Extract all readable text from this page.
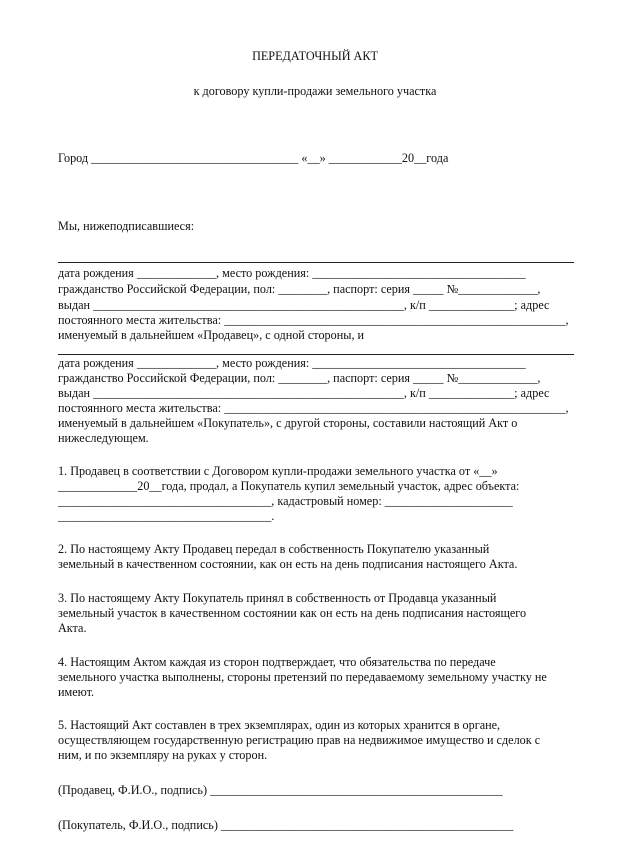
ПЕРЕДАТОЧНЫЙ АКТ
к договору купли-продажи земельного участка
Город __________________________________ «__» ____________20__года
Мы, нижеподписавшиеся:
дата рождения _____________, место рождения: ___________________________________
гражданство Российской Федерации, пол: ________, паспорт: серия _____ №_____________,
выдан ___________________________________________________, к/п ______________; адрес
постоянного места жительства: ________________________________________________________,
именуемый в дальнейшем «Продавец», с одной стороны, и
дата рождения _____________, место рождения: ___________________________________
гражданство Российской Федерации, пол: ________, паспорт: серия _____ №_____________,
выдан ___________________________________________________, к/п ______________; адрес
постоянного места жительства: ________________________________________________________,
именуемый в дальнейшем «Покупатель», с другой стороны, составили настоящий Акт о
нижеследующем.
1. Продавец в соответствии с Договором купли-продажи земельного участка от «__»
_____________20__года, продал, а Покупатель купил земельный участок, адрес объекта:
___________________________________, кадастровый номер: _____________________
___________________________________.
2. По настоящему Акту Продавец передал в собственность Покупателю указанный
земельный в качественном состоянии, как он есть на день подписания настоящего Акта.
3. По настоящему Акту Покупатель принял в собственность от Продавца указанный
земельный участок в качественном состоянии как он есть на день подписания настоящего
Акта.
4. Настоящим Актом каждая из сторон подтверждает, что обязательства по передаче
земельного участка выполнены, стороны претензий по передаваемому земельному участку не
имеют.
5. Настоящий Акт составлен в трех экземплярах, один из которых хранится в органе,
осуществляющем государственную регистрацию прав на недвижимое имущество и сделок с
ним, и по экземпляру на руках у сторон.
(Продавец, Ф.И.О., подпись) ________________________________________________
(Покупатель, Ф.И.О., подпись) ________________________________________________
